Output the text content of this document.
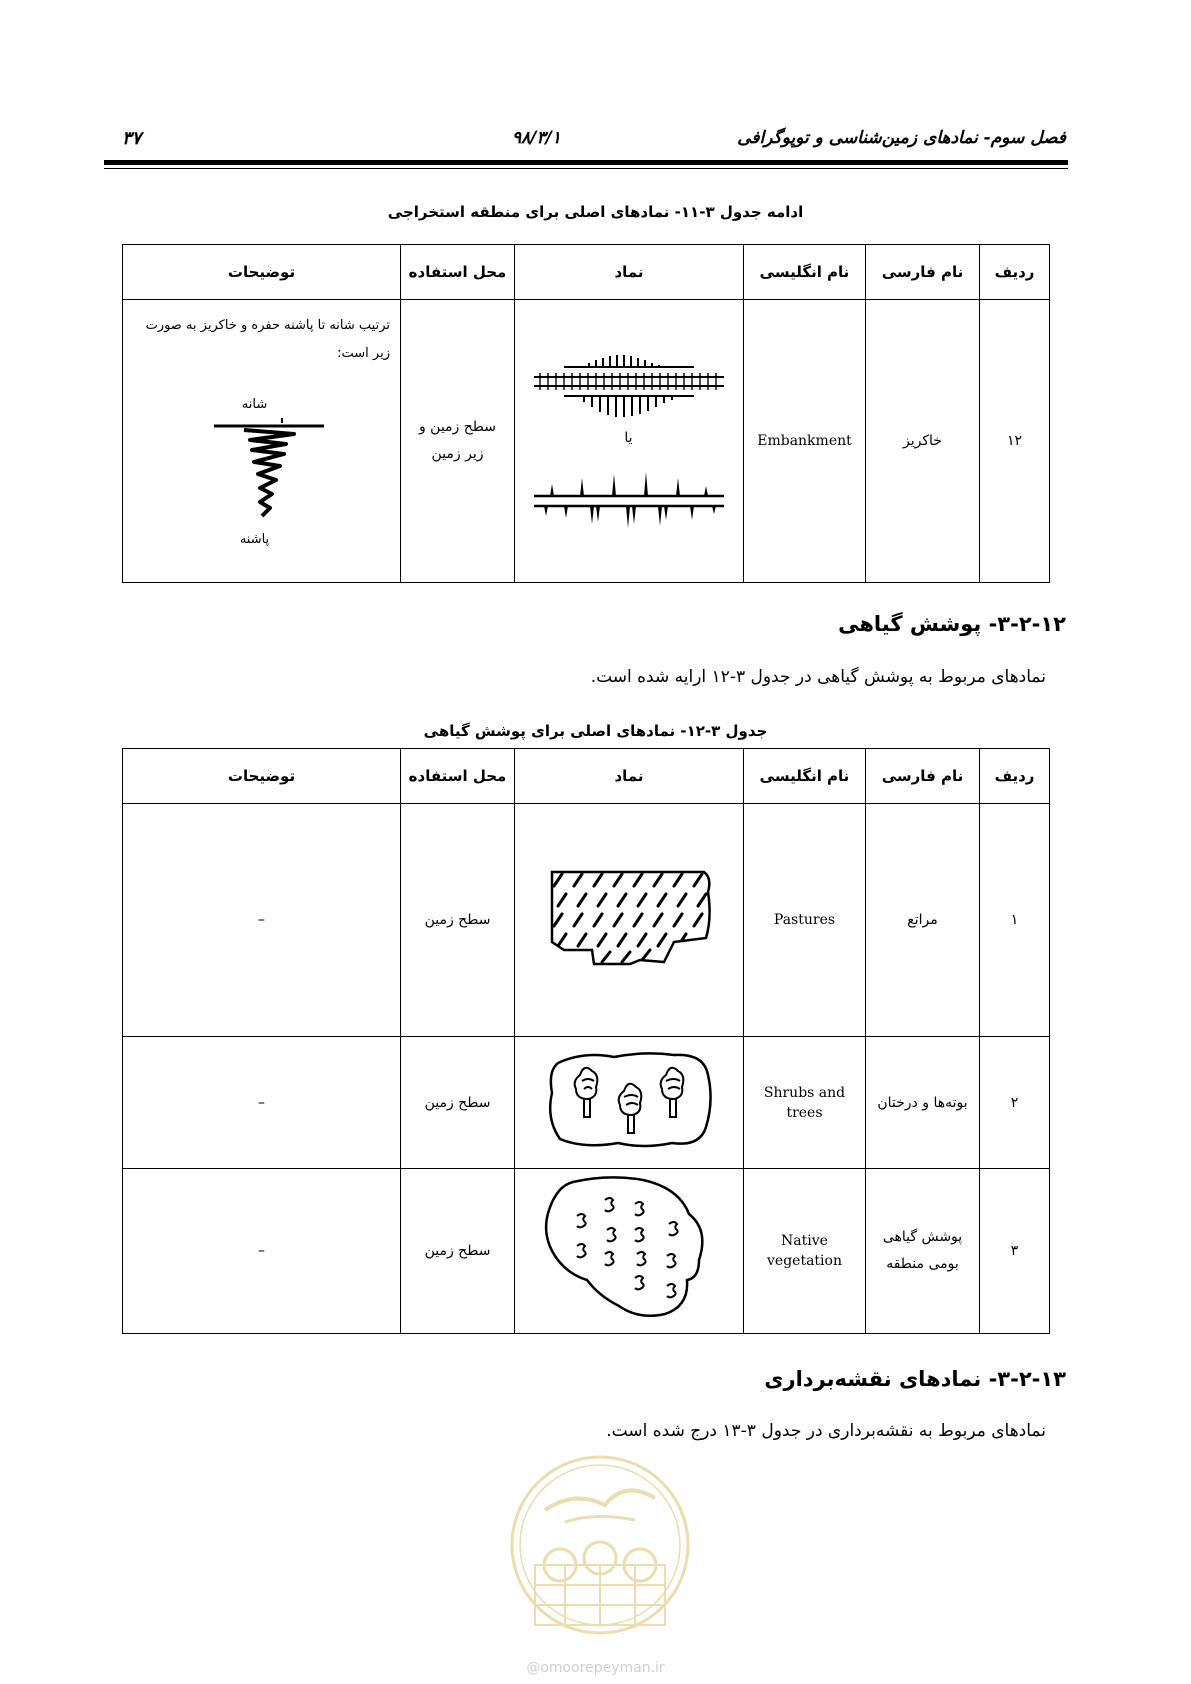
فصل سوم- نمادهای زمین‌شناسی و توپوگرافی
۹۸/۳/۱
۳۷
ادامه جدول ۳-۱۱- نمادهای اصلی برای منطقه استخراجی
ردیف	نام فارسی	نام انگلیسی	نماد	محل استفاده	توضیحات
۱۲	خاکریز	Embankment	یا	سطح زمین و زیر زمین	ترتیب شانه تا پاشنه حفره و خاکریز به صورت زیر است:
شانه
پاشنه
۳-۲-۱۲- پوشش گیاهی
نمادهای مربوط به پوشش گیاهی در جدول ۳-۱۲ ارایه شده است.
جدول ۳-۱۲- نمادهای اصلی برای پوشش گیاهی
ردیف	نام فارسی	نام انگلیسی	نماد	محل استفاده	توضیحات
۱	مراتع	Pastures		سطح زمین	–
۲	بوته‌ها و درختان	Shrubs and trees		سطح زمین	–
۳	پوشش گیاهی بومی منطقه	Native vegetation		سطح زمین	–
۳-۲-۱۳- نمادهای نقشه‌برداری
نمادهای مربوط به نقشه‌برداری در جدول ۳-۱۳ درج شده است.
@omoorepeyman.ir
